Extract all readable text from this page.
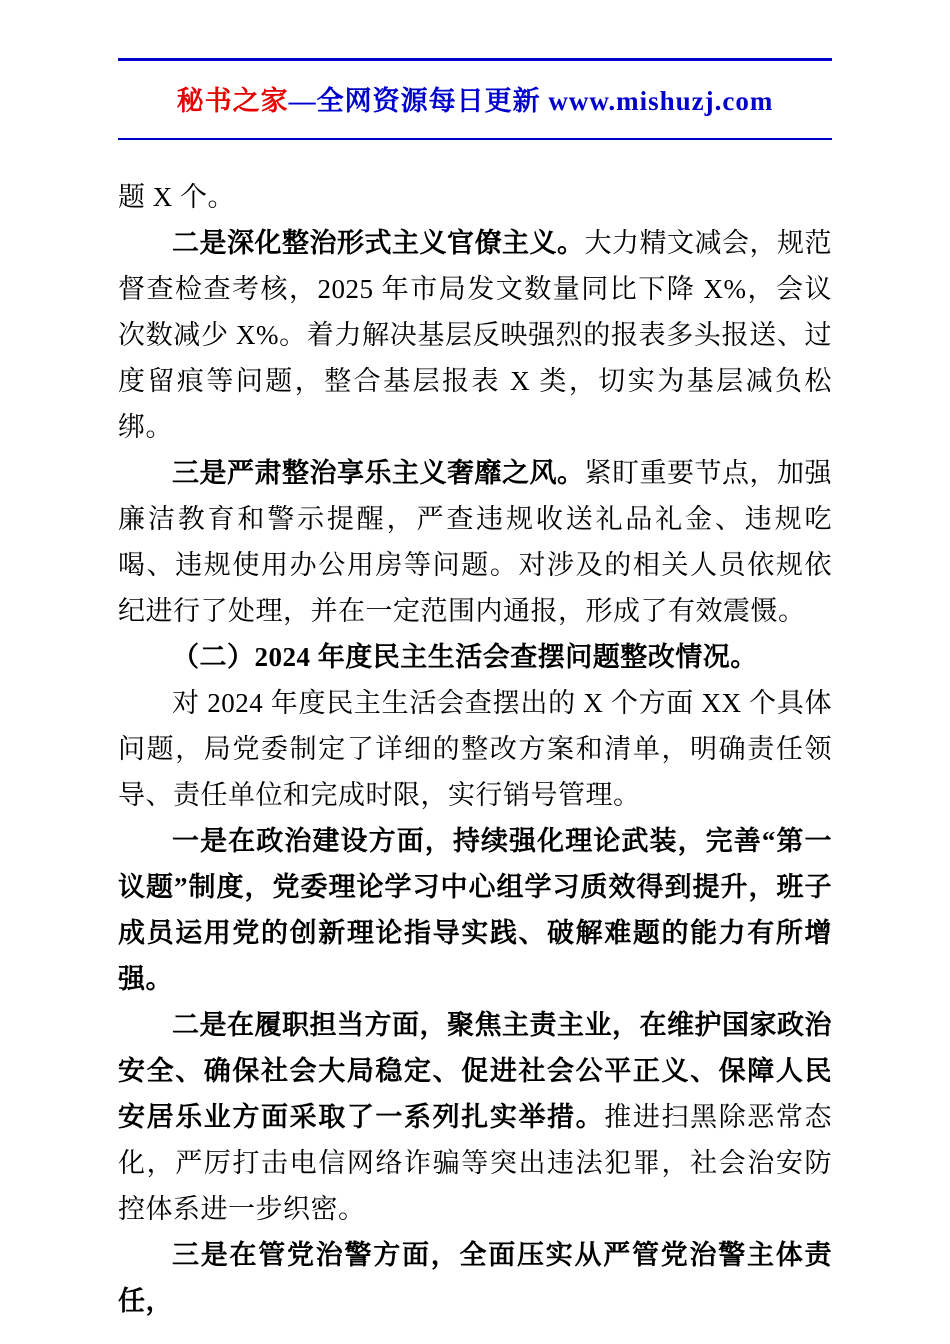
秘书之家—全网资源每日更新 www.mishuzj.com

题 X 个。

二是深化整治形式主义官僚主义。大力精文减会，规范督查检查考核，2025 年市局发文数量同比下降 X%，会议次数减少 X%。着力解决基层反映强烈的报表多头报送、过度留痕等问题，整合基层报表 X 类，切实为基层减负松绑。

三是严肃整治享乐主义奢靡之风。紧盯重要节点，加强廉洁教育和警示提醒，严查违规收送礼品礼金、违规吃喝、违规使用办公用房等问题。对涉及的相关人员依规依纪进行了处理，并在一定范围内通报，形成了有效震慑。

（二）2024 年度民主生活会查摆问题整改情况。

对 2024 年度民主生活会查摆出的 X 个方面 XX 个具体问题，局党委制定了详细的整改方案和清单，明确责任领导、责任单位和完成时限，实行销号管理。

一是在政治建设方面，持续强化理论武装，完善“第一议题”制度，党委理论学习中心组学习质效得到提升，班子成员运用党的创新理论指导实践、破解难题的能力有所增强。

二是在履职担当方面，聚焦主责主业，在维护国家政治安全、确保社会大局稳定、促进社会公平正义、保障人民安居乐业方面采取了一系列扎实举措。推进扫黑除恶常态化，严厉打击电信网络诈骗等突出违法犯罪，社会治安防控体系进一步织密。

三是在管党治警方面，全面压实从严管党治警主体责任，
